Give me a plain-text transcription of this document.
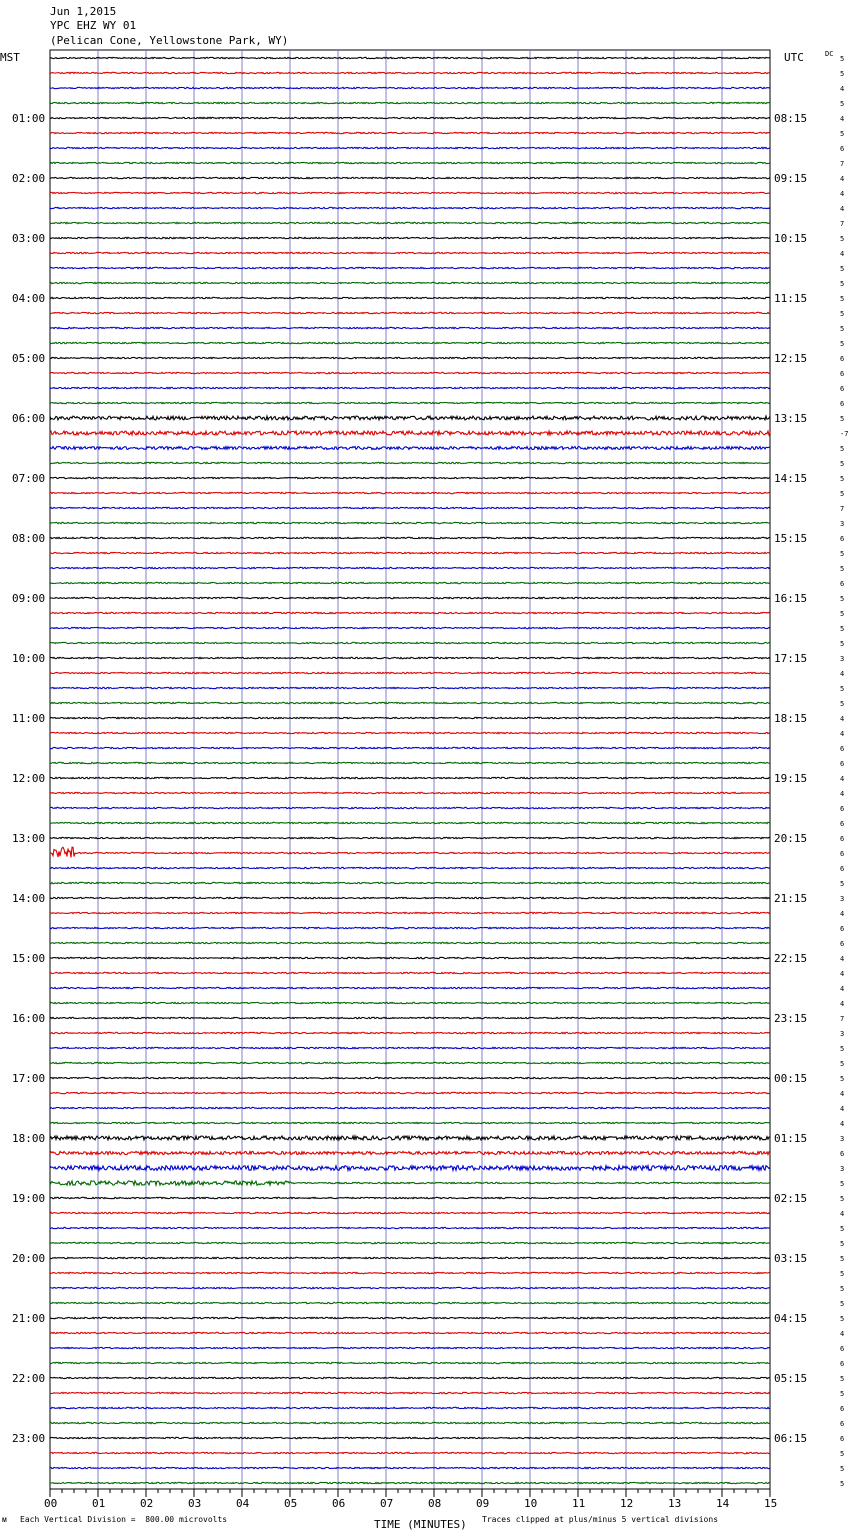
Jun 1,2015
YPC EHZ WY 01
(Pelican Cone, Yellowstone Park, WY)
MST	UTC	DC
5
5
4
5
4
5
6
7
4
4
4
7
5
4
5
5
5
5
5
5
6
6
6
6
5
-7
5
5
5
5
7
3
6
5
5
6
5
5
5
5
3
4
5
5
4
4
6
6
4
4
6
6
6
6
6
5
3
4
6
6
4
4
4
4
7
3
5
5
5
4
4
4
3
6
3
5
5
4
5
5
5
5
5
5
5
4
6
6
5
5
6
6
6
5
5
5
01:00	08:15
02:00	09:15
03:00	10:15
04:00	11:15
05:00	12:15
06:00	13:15
07:00	14:15
08:00	15:15
09:00	16:15
10:00	17:15
11:00	18:15
12:00	19:15
13:00	20:15
14:00	21:15
15:00	22:15
16:00	23:15
17:00	00:15
18:00	01:15
19:00	02:15
20:00	03:15
21:00	04:15
22:00	05:15
23:00	06:15
00	01	02	03	04	05	06	07	08	09	10	11	12	13	14	15
ᴍ Each Vertical Division =  800.00 microvolts	TIME (MINUTES) Traces clipped at plus/minus 5 vertical divisions
